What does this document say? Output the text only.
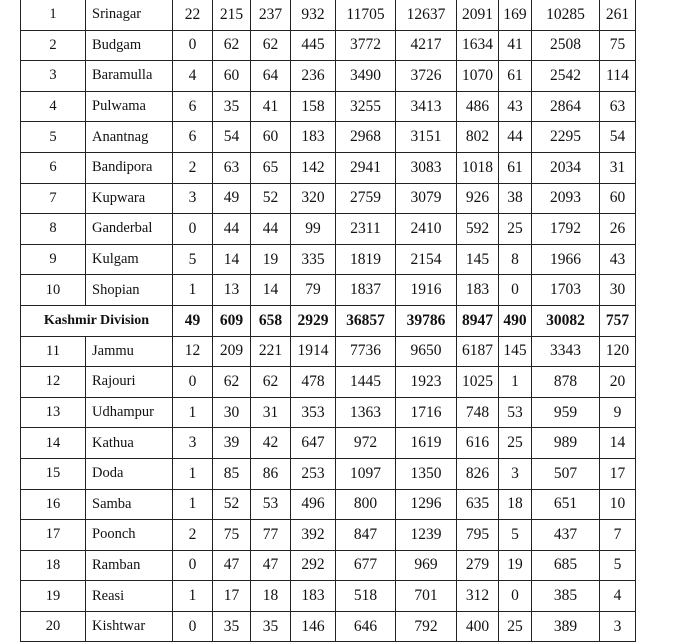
1	Srinagar	22	215	237	932	11705	12637	2091	169	10285	261
2	Budgam	0	62	62	445	3772	4217	1634	41	2508	75
3	Baramulla	4	60	64	236	3490	3726	1070	61	2542	114
4	Pulwama	6	35	41	158	3255	3413	486	43	2864	63
5	Anantnag	6	54	60	183	2968	3151	802	44	2295	54
6	Bandipora	2	63	65	142	2941	3083	1018	61	2034	31
7	Kupwara	3	49	52	320	2759	3079	926	38	2093	60
8	Ganderbal	0	44	44	99	2311	2410	592	25	1792	26
9	Kulgam	5	14	19	335	1819	2154	145	8	1966	43
10	Shopian	1	13	14	79	1837	1916	183	0	1703	30
Kashmir Division		49	609	658	2929	36857	39786	8947	490	30082	757
11	Jammu	12	209	221	1914	7736	9650	6187	145	3343	120
12	Rajouri	0	62	62	478	1445	1923	1025	1	878	20
13	Udhampur	1	30	31	353	1363	1716	748	53	959	9
14	Kathua	3	39	42	647	972	1619	616	25	989	14
15	Doda	1	85	86	253	1097	1350	826	3	507	17
16	Samba	1	52	53	496	800	1296	635	18	651	10
17	Poonch	2	75	77	392	847	1239	795	5	437	7
18	Ramban	0	47	47	292	677	969	279	19	685	5
19	Reasi	1	17	18	183	518	701	312	0	385	4
20	Kishtwar	0	35	35	146	646	792	400	25	389	3
